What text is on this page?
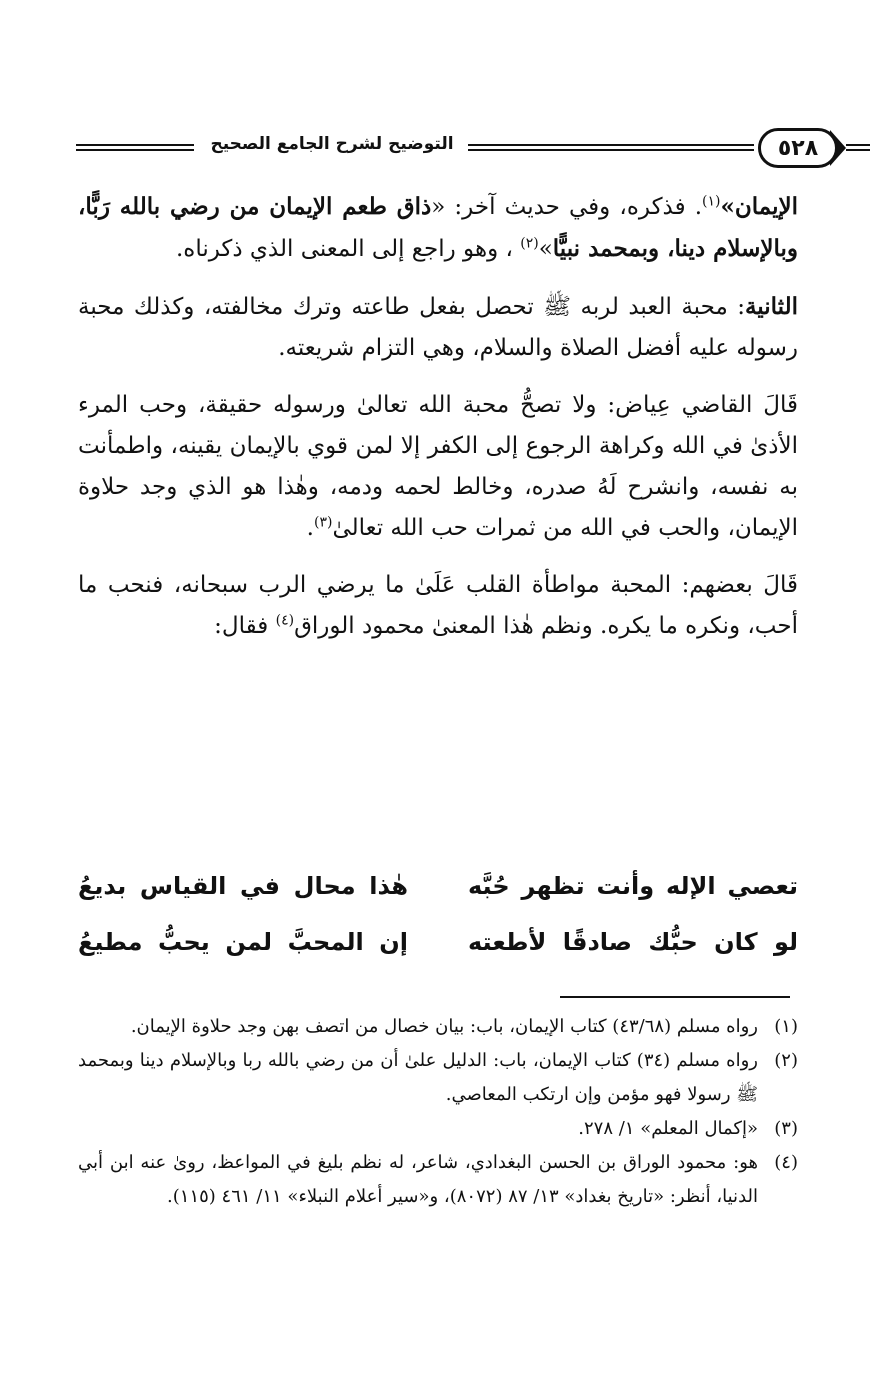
٥٢٨
التوضيح لشرح الجامع الصحيح

الإيمان»$^{(١)}$. فذكره، وفي حديث آخر: «ذاق طعم الإيمان من رضي بالله رَبًّا، وبالإسلام دينا، وبمحمد نبيًّا»$^{(٢)}$ ، وهو راجع إلى المعنى الذي ذكرناه.

الثانية: محبة العبد لربه ﷺ تحصل بفعل طاعته وترك مخالفته، وكذلك محبة رسوله عليه أفضل الصلاة والسلام، وهي التزام شريعته.

قَالَ القاضي عِياض: ولا تصحُّ محبة الله تعالىٰ ورسوله حقيقة، وحب المرء الأذىٰ في الله وكراهة الرجوع إلى الكفر إلا لمن قوي بالإيمان يقينه، واطمأنت به نفسه، وانشرح لَهُ صدره، وخالط لحمه ودمه، وهٰذا هو الذي وجد حلاوة الإيمان، والحب في الله من ثمرات حب الله تعالىٰ$^{(٣)}$.

قَالَ بعضهم: المحبة مواطأة القلب عَلَىٰ ما يرضي الرب سبحانه، فنحب ما أحب، ونكره ما يكره. ونظم هٰذا المعنىٰ محمود الوراق$^{(٤)}$ فقال:

تعصي الإله وأنت تظهر حُبَّه
هٰذا محال في القياس بديعُ
لو كان حبُّك صادقًا لأطعته
إن المحبَّ لمن يحبُّ مطيعُ
(١)
رواه مسلم (٤٣/٦٨) كتاب الإيمان، باب: بيان خصال من اتصف بهن وجد حلاوة الإيمان.
(٢)
رواه مسلم (٣٤) كتاب الإيمان، باب: الدليل علىٰ أن من رضي بالله ربا وبالإسلام دينا وبمحمد ﷺ رسولا فهو مؤمن وإن ارتكب المعاصي.
(٣)
«إكمال المعلم» ١/ ٢٧٨.
(٤)
هو: محمود الوراق بن الحسن البغدادي، شاعر، له نظم بليغ في المواعظ، روىٰ عنه ابن أبي الدنيا، أنظر: «تاريخ بغداد» ١٣/ ٨٧ (٨٠٧٢)، و«سير أعلام النبلاء» ١١/ ٤٦١ (١١٥).
